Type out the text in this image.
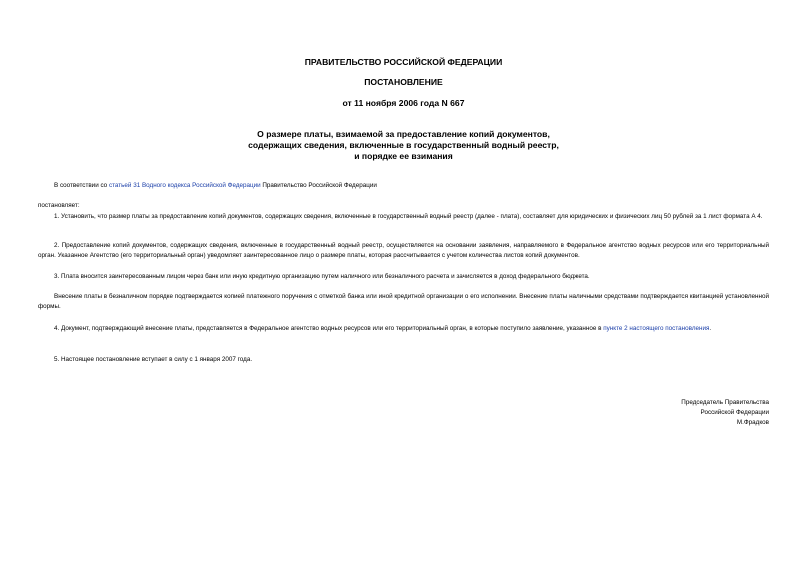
ПРАВИТЕЛЬСТВО РОССИЙСКОЙ ФЕДЕРАЦИИ
ПОСТАНОВЛЕНИЕ
от 11 ноября 2006 года N 667
О размере платы, взимаемой за предоставление копий документов,
содержащих сведения, включенные в государственный водный реестр,
и порядке ее взимания
В соответствии со статьей 31 Водного кодекса Российской Федерации Правительство Российской Федерации
постановляет:
1. Установить, что размер платы за предоставление копий документов, содержащих сведения, включенные в государственный водный реестр (далее - плата), составляет для юридических и физических лиц 50 рублей за 1 лист формата А 4.
2. Предоставление копий документов, содержащих сведения, включенные в государственный водный реестр, осуществляется на основании заявления, направляемого в Федеральное агентство водных ресурсов или его территориальный орган. Указанное Агентство (его территориальный орган) уведомляет заинтересованное лицо о размере платы, которая рассчитывается с учетом количества листов копий документов.
3. Плата вносится заинтересованным лицом через банк или иную кредитную организацию путем наличного или безналичного расчета и зачисляется в доход федерального бюджета.
Внесение платы в безналичном порядке подтверждается копией платежного поручения с отметкой банка или иной кредитной организации о его исполнении. Внесение платы наличными средствами подтверждается квитанцией установленной формы.
4. Документ, подтверждающий внесение платы, представляется в Федеральное агентство водных ресурсов или его территориальный орган, в которые поступило заявление, указанное в пункте 2 настоящего постановления.
5. Настоящее постановление вступает в силу с 1 января 2007 года.
Председатель Правительства
Российской Федерации
М.Фрадков
